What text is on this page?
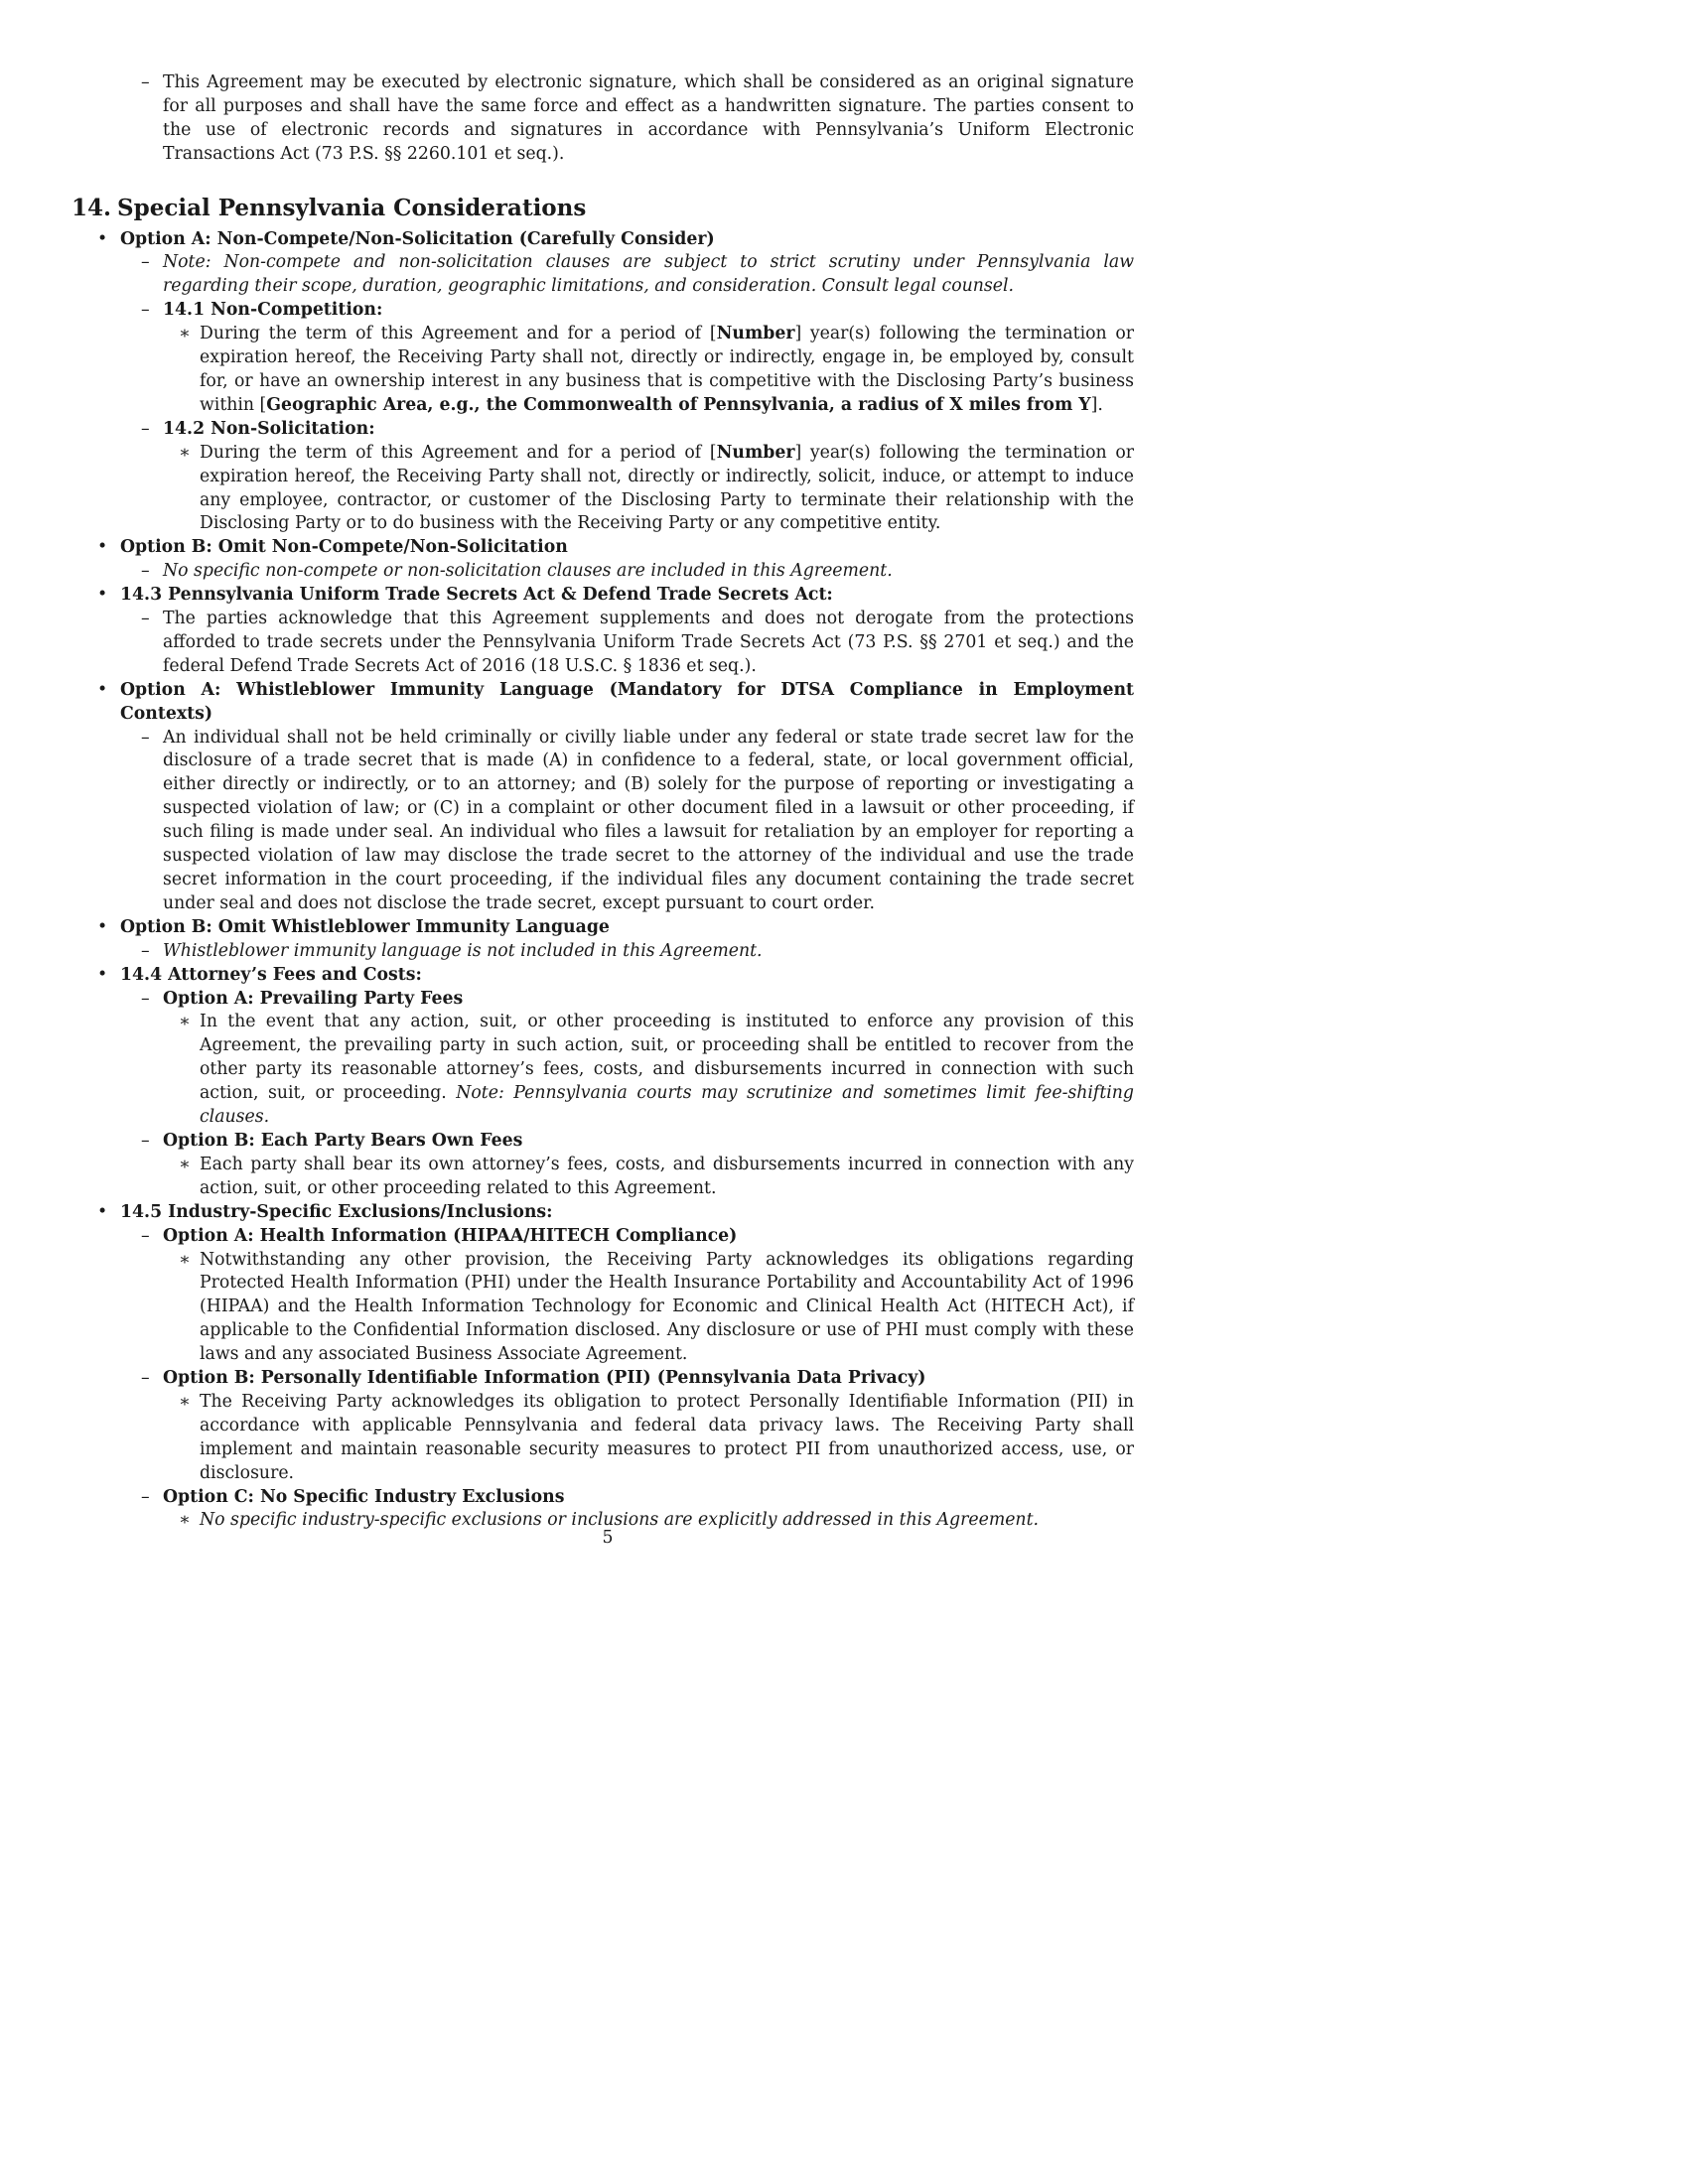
– This Agreement may be executed by electronic signature, which shall be considered as an original signature for all purposes and shall have the same force and effect as a handwritten signature. The parties consent to the use of electronic records and signatures in accordance with Pennsylvania’s Uniform Electronic Transactions Act (73 P.S. §§ 2260.101 et seq.).

14. Special Pennsylvania Considerations

• Option A: Non-Compete/Non-Solicitation (Carefully Consider)

– Note: Non-compete and non-solicitation clauses are subject to strict scrutiny under Pennsylvania law regarding their scope, duration, geographic limitations, and consideration. Consult legal counsel.

– 14.1 Non-Competition:

∗ During the term of this Agreement and for a period of [Number] year(s) following the termination or expiration hereof, the Receiving Party shall not, directly or indirectly, engage in, be employed by, consult for, or have an ownership interest in any business that is competitive with the Disclosing Party’s business within [Geographic Area, e.g., the Commonwealth of Pennsylvania, a radius of X miles from Y].

– 14.2 Non-Solicitation:

∗ During the term of this Agreement and for a period of [Number] year(s) following the termination or expiration hereof, the Receiving Party shall not, directly or indirectly, solicit, induce, or attempt to induce any employee, contractor, or customer of the Disclosing Party to terminate their relationship with the Disclosing Party or to do business with the Receiving Party or any competitive entity.

• Option B: Omit Non-Compete/Non-Solicitation

– No specific non-compete or non-solicitation clauses are included in this Agreement.

• 14.3 Pennsylvania Uniform Trade Secrets Act & Defend Trade Secrets Act:

– The parties acknowledge that this Agreement supplements and does not derogate from the protections afforded to trade secrets under the Pennsylvania Uniform Trade Secrets Act (73 P.S. §§ 2701 et seq.) and the federal Defend Trade Secrets Act of 2016 (18 U.S.C. § 1836 et seq.).

• Option A: Whistleblower Immunity Language (Mandatory for DTSA Compliance in Employment Contexts)

– An individual shall not be held criminally or civilly liable under any federal or state trade secret law for the disclosure of a trade secret that is made (A) in confidence to a federal, state, or local government official, either directly or indirectly, or to an attorney; and (B) solely for the purpose of reporting or investigating a suspected violation of law; or (C) in a complaint or other document filed in a lawsuit or other proceeding, if such filing is made under seal. An individual who files a lawsuit for retaliation by an employer for reporting a suspected violation of law may disclose the trade secret to the attorney of the individual and use the trade secret information in the court proceeding, if the individual files any document containing the trade secret under seal and does not disclose the trade secret, except pursuant to court order.

• Option B: Omit Whistleblower Immunity Language

– Whistleblower immunity language is not included in this Agreement.

• 14.4 Attorney’s Fees and Costs:

– Option A: Prevailing Party Fees

∗ In the event that any action, suit, or other proceeding is instituted to enforce any provision of this Agreement, the prevailing party in such action, suit, or proceeding shall be entitled to recover from the other party its reasonable attorney’s fees, costs, and disbursements incurred in connection with such action, suit, or proceeding. Note: Pennsylvania courts may scrutinize and sometimes limit fee-shifting clauses.

– Option B: Each Party Bears Own Fees

∗ Each party shall bear its own attorney’s fees, costs, and disbursements incurred in connection with any action, suit, or other proceeding related to this Agreement.

• 14.5 Industry-Specific Exclusions/Inclusions:

– Option A: Health Information (HIPAA/HITECH Compliance)

∗ Notwithstanding any other provision, the Receiving Party acknowledges its obligations regarding Protected Health Information (PHI) under the Health Insurance Portability and Accountability Act of 1996 (HIPAA) and the Health Information Technology for Economic and Clinical Health Act (HITECH Act), if applicable to the Confidential Information disclosed. Any disclosure or use of PHI must comply with these laws and any associated Business Associate Agreement.

– Option B: Personally Identifiable Information (PII) (Pennsylvania Data Privacy)

∗ The Receiving Party acknowledges its obligation to protect Personally Identifiable Information (PII) in accordance with applicable Pennsylvania and federal data privacy laws. The Receiving Party shall implement and maintain reasonable security measures to protect PII from unauthorized access, use, or disclosure.

– Option C: No Specific Industry Exclusions

∗ No specific industry-specific exclusions or inclusions are explicitly addressed in this Agreement.

5
